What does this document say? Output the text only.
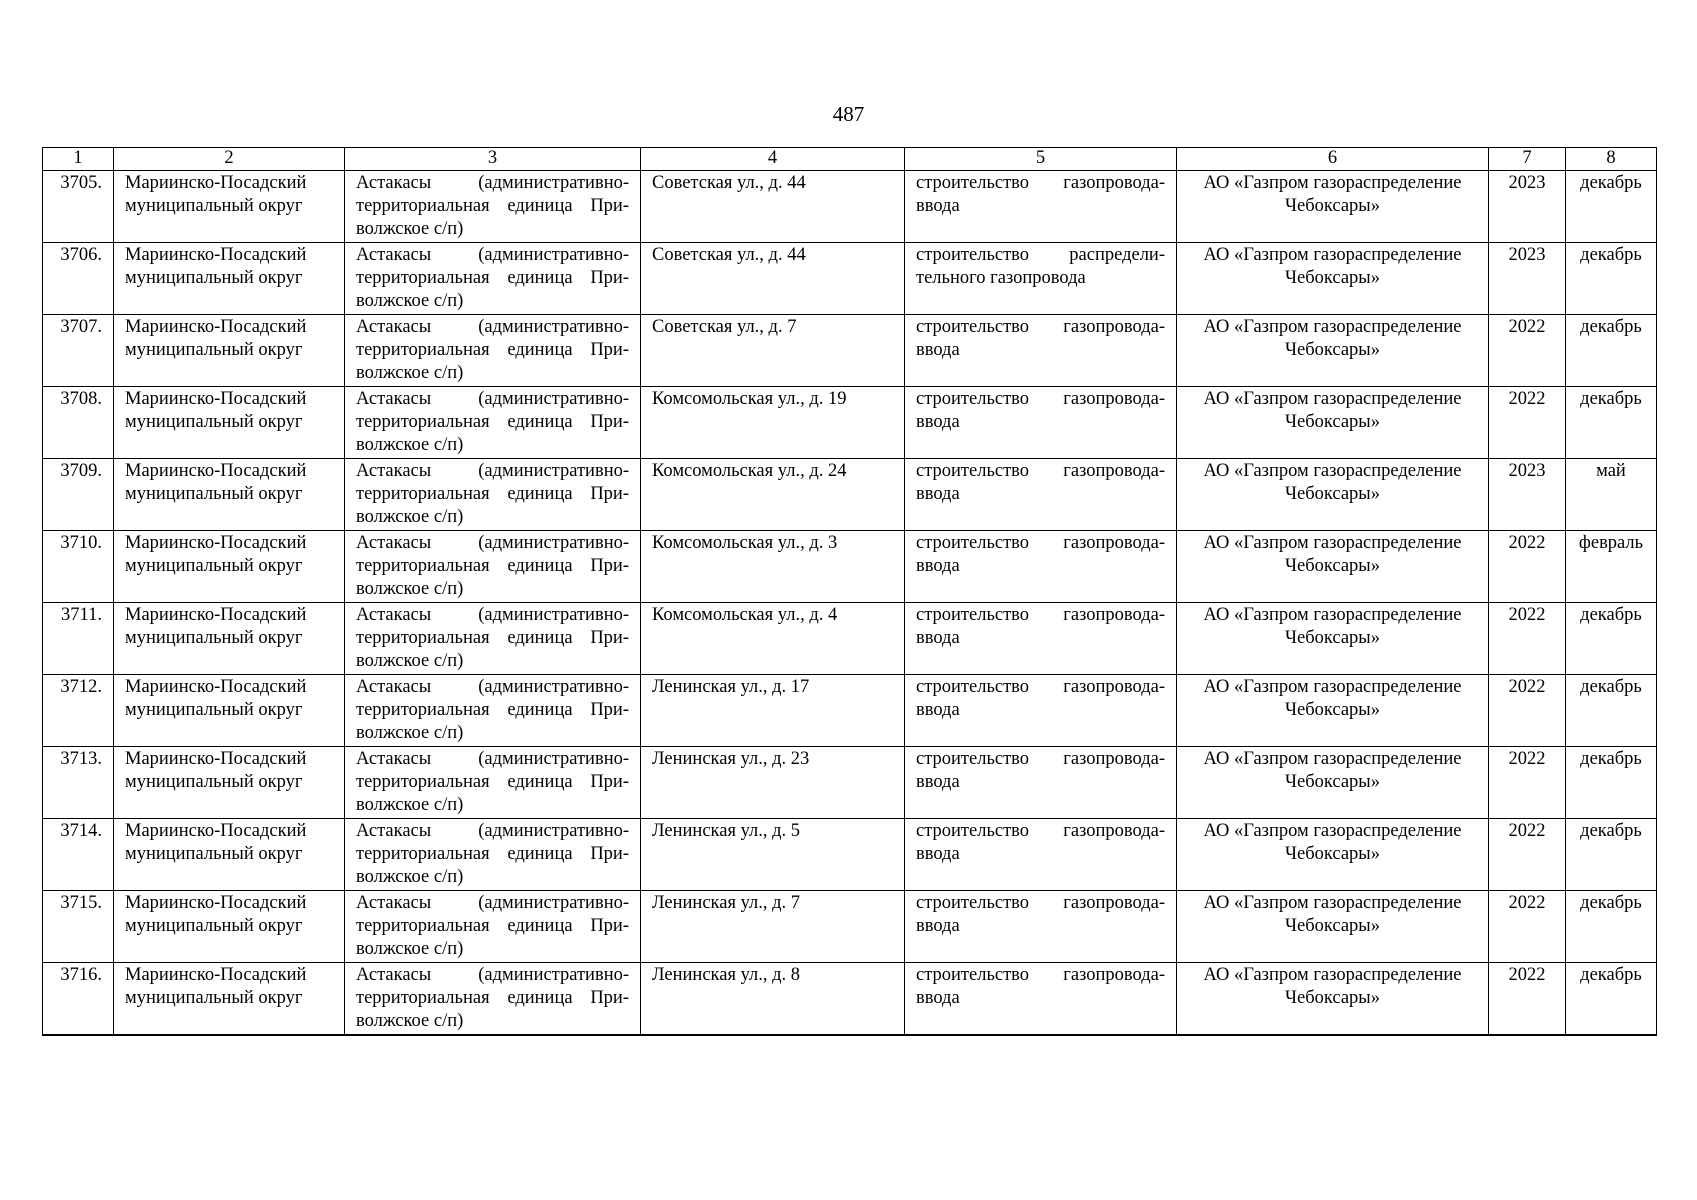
487
1	2	3	4	5	6	7	8
3705.	Мариинско-Посадский муниципальный округ	Астакасы (административно-территориальная единица При-волжское с/п)	Советская ул., д. 44	строительство газопровода-ввода	АО «Газпром газораспределение Чебоксары»	2023	декабрь
3706.	Мариинско-Посадский муниципальный округ	Астакасы (административно-территориальная единица При-волжское с/п)	Советская ул., д. 44	строительство распредели-тельного газопровода	АО «Газпром газораспределение Чебоксары»	2023	декабрь
3707.	Мариинско-Посадский муниципальный округ	Астакасы (административно-территориальная единица При-волжское с/п)	Советская ул., д. 7	строительство газопровода-ввода	АО «Газпром газораспределение Чебоксары»	2022	декабрь
3708.	Мариинско-Посадский муниципальный округ	Астакасы (административно-территориальная единица При-волжское с/п)	Комсомольская ул., д. 19	строительство газопровода-ввода	АО «Газпром газораспределение Чебоксары»	2022	декабрь
3709.	Мариинско-Посадский муниципальный округ	Астакасы (административно-территориальная единица При-волжское с/п)	Комсомольская ул., д. 24	строительство газопровода-ввода	АО «Газпром газораспределение Чебоксары»	2023	май
3710.	Мариинско-Посадский муниципальный округ	Астакасы (административно-территориальная единица При-волжское с/п)	Комсомольская ул., д. 3	строительство газопровода-ввода	АО «Газпром газораспределение Чебоксары»	2022	февраль
3711.	Мариинско-Посадский муниципальный округ	Астакасы (административно-территориальная единица При-волжское с/п)	Комсомольская ул., д. 4	строительство газопровода-ввода	АО «Газпром газораспределение Чебоксары»	2022	декабрь
3712.	Мариинско-Посадский муниципальный округ	Астакасы (административно-территориальная единица При-волжское с/п)	Ленинская ул., д. 17	строительство газопровода-ввода	АО «Газпром газораспределение Чебоксары»	2022	декабрь
3713.	Мариинско-Посадский муниципальный округ	Астакасы (административно-территориальная единица При-волжское с/п)	Ленинская ул., д. 23	строительство газопровода-ввода	АО «Газпром газораспределение Чебоксары»	2022	декабрь
3714.	Мариинско-Посадский муниципальный округ	Астакасы (административно-территориальная единица При-волжское с/п)	Ленинская ул., д. 5	строительство газопровода-ввода	АО «Газпром газораспределение Чебоксары»	2022	декабрь
3715.	Мариинско-Посадский муниципальный округ	Астакасы (административно-территориальная единица При-волжское с/п)	Ленинская ул., д. 7	строительство газопровода-ввода	АО «Газпром газораспределение Чебоксары»	2022	декабрь
3716.	Мариинско-Посадский муниципальный округ	Астакасы (административно-территориальная единица При-волжское с/п)	Ленинская ул., д. 8	строительство газопровода-ввода	АО «Газпром газораспределение Чебоксары»	2022	декабрь
